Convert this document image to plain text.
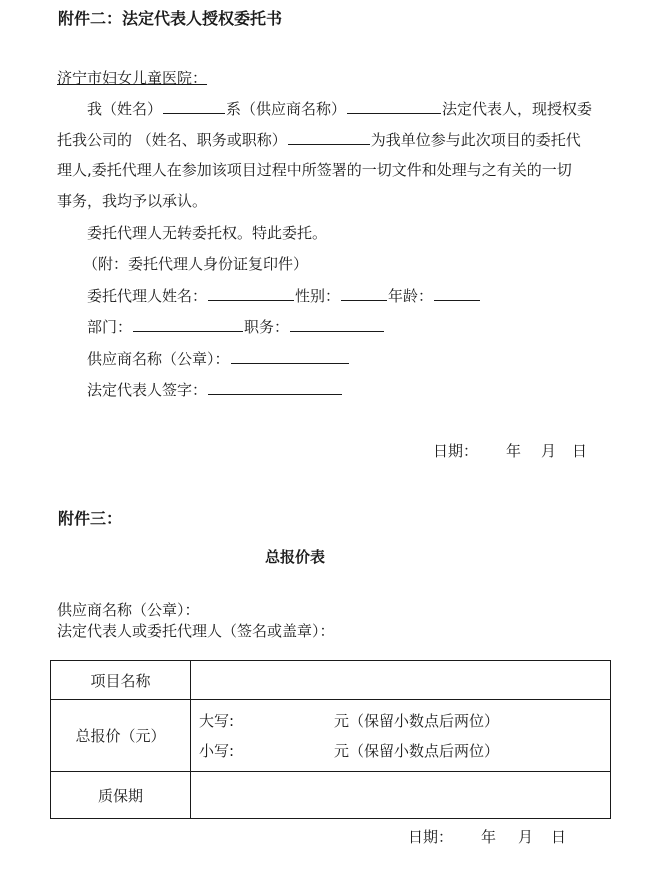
附件二：法定代表人授权委托书
济宁市妇女儿童医院：
我（姓名）	系（供应商名称）	法定代表人，现授权委
托我公司的 （姓名、职务或职称）	为我单位参与此次项目的委托代
理人,委托代理人在参加该项目过程中所签署的一切文件和处理与之有关的一切
事务，我均予以承认。
委托代理人无转委托权。特此委托。
（附：委托代理人身份证复印件）
委托代理人姓名：	性别：	年龄：
部门：	职务：
供应商名称（公章）：
法定代表人签字：
日期： 年 月 日
附件三：
总报价表
供应商名称（公章）：
法定代表人或委托代理人（签名或盖章）：
项目名称	
总报价（元）	大写: 元（保留小数点后两位）
小写: 元（保留小数点后两位）

质保期	
日期： 年 月 日
